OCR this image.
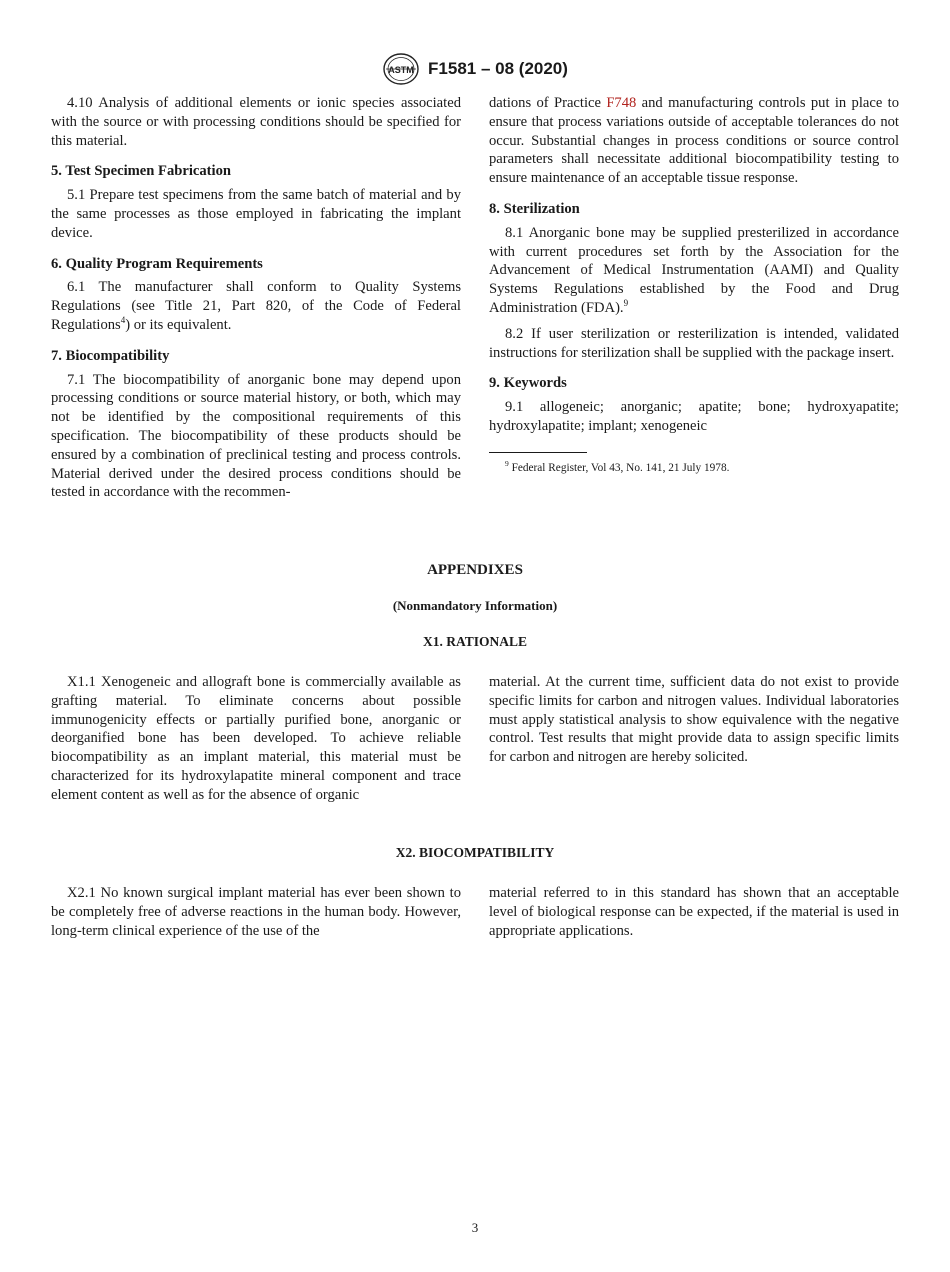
ASTM F1581 – 08 (2020)

4.10 Analysis of additional elements or ionic species associated with the source or with processing conditions should be specified for this material.

5. Test Specimen Fabrication

5.1 Prepare test specimens from the same batch of material and by the same processes as those employed in fabricating the implant device.

6. Quality Program Requirements

6.1 The manufacturer shall conform to Quality Systems Regulations (see Title 21, Part 820, of the Code of Federal Regulations$^4$) or its equivalent.

7. Biocompatibility

7.1 The biocompatibility of anorganic bone may depend upon processing conditions or source material history, or both, which may not be identified by the compositional requirements of this specification. The biocompatibility of these products should be ensured by a combination of preclinical testing and process controls. Material derived under the desired process conditions should be tested in accordance with the recommen-

dations of Practice F748 and manufacturing controls put in place to ensure that process variations outside of acceptable tolerances do not occur. Substantial changes in process conditions or source control parameters shall necessitate additional biocompatibility testing to ensure maintenance of an acceptable tissue response.

8. Sterilization

8.1 Anorganic bone may be supplied presterilized in accordance with current procedures set forth by the Association for the Advancement of Medical Instrumentation (AAMI) and Quality Systems Regulations established by the Food and Drug Administration (FDA).$^9$

8.2 If user sterilization or resterilization is intended, validated instructions for sterilization shall be supplied with the package insert.

9. Keywords

9.1 allogeneic; anorganic; apatite; bone; hydroxyapatite; hydroxylapatite; implant; xenogeneic

$^9$ Federal Register, Vol 43, No. 141, 21 July 1978.

APPENDIXES
(Nonmandatory Information)
X1. RATIONALE

X1.1 Xenogeneic and allograft bone is commercially available as grafting material. To eliminate concerns about possible immunogenicity effects or partially purified bone, anorganic or deorganified bone has been developed. To achieve reliable biocompatibility as an implant material, this material must be characterized for its hydroxylapatite mineral component and trace element content as well as for the absence of organic

material. At the current time, sufficient data do not exist to provide specific limits for carbon and nitrogen values. Individual laboratories must apply statistical analysis to show equivalence with the negative control. Test results that might provide data to assign specific limits for carbon and nitrogen are hereby solicited.

X2. BIOCOMPATIBILITY

X2.1 No known surgical implant material has ever been shown to be completely free of adverse reactions in the human body. However, long-term clinical experience of the use of the

material referred to in this standard has shown that an acceptable level of biological response can be expected, if the material is used in appropriate applications.

3
